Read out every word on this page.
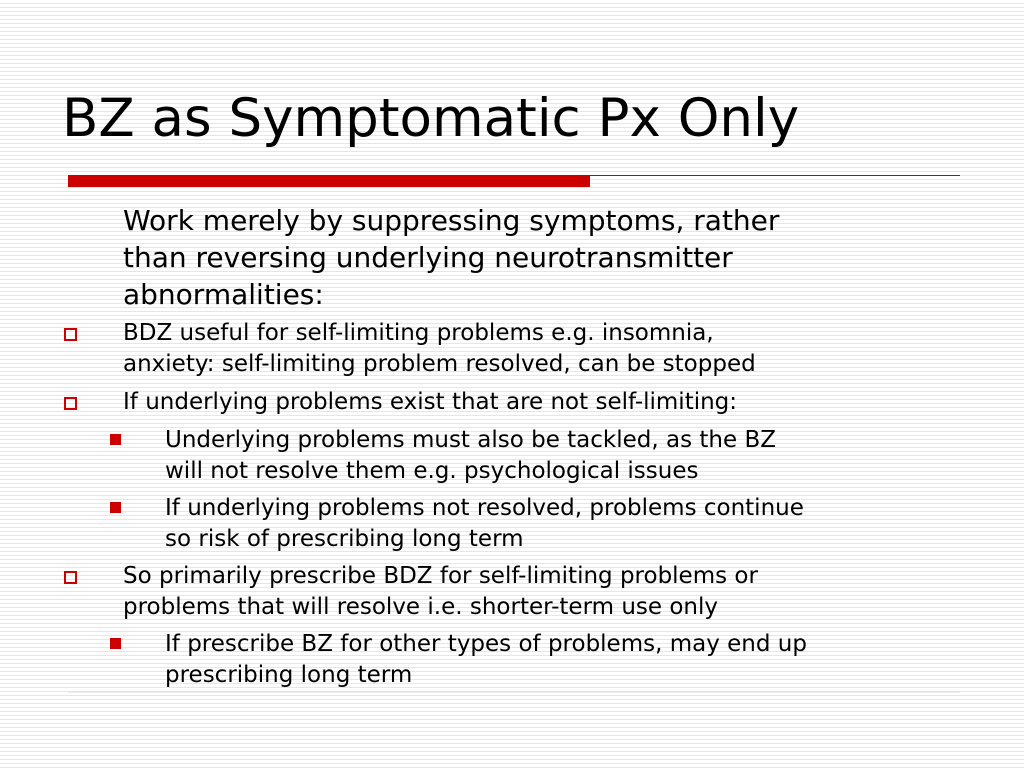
BZ as Symptomatic Px Only
Work merely by suppressing symptoms, rather
than reversing underlying neurotransmitter
abnormalities:
BDZ useful for self-limiting problems e.g. insomnia,
anxiety: self-limiting problem resolved, can be stopped
If underlying problems exist that are not self-limiting:
Underlying problems must also be tackled, as the BZ
will not resolve them e.g. psychological issues
If underlying problems not resolved, problems continue
so risk of prescribing long term
So primarily prescribe BDZ for self-limiting problems or
problems that will resolve i.e. shorter-term use only
If prescribe BZ for other types of problems, may end up
prescribing long term
